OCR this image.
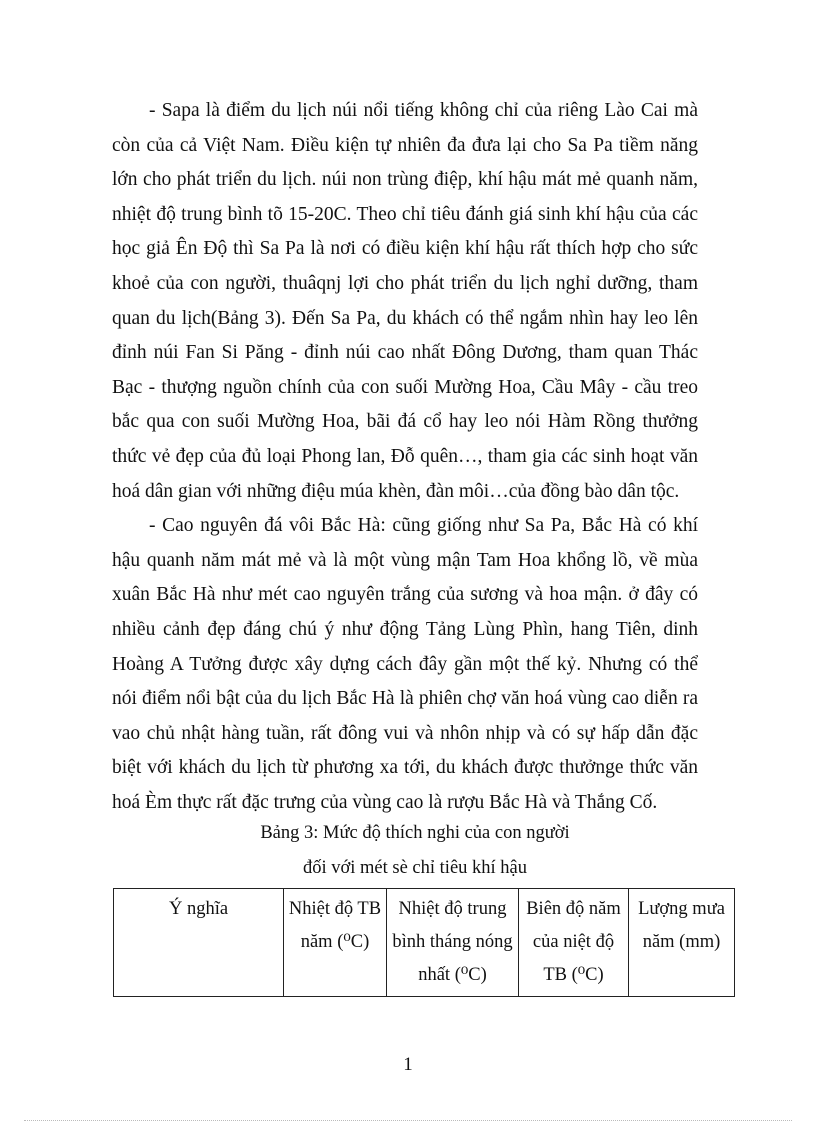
- Sapa là điểm du lịch núi nổi tiếng không chỉ của riêng Lào Cai mà còn của cả Việt Nam. Điều kiện tự nhiên đa đưa lại cho Sa Pa tiềm năng lớn cho phát triển du lịch. núi non trùng điệp, khí hậu mát mẻ quanh năm, nhiệt độ trung bình tõ 15-20C. Theo chỉ tiêu đánh giá sinh khí hậu của các học giả Ên Độ thì Sa Pa là nơi có điều kiện khí hậu rất thích hợp cho sức khoẻ của con người, thuâqnj lợi cho phát triển du lịch nghỉ dưỡng, tham quan du lịch(Bảng 3). Đến Sa Pa, du khách có thể ngắm nhìn hay leo lên đỉnh núi Fan Si Păng - đỉnh núi cao nhất Đông Dương, tham quan Thác Bạc - thượng nguồn chính của con suối Mường Hoa, Cầu Mây - cầu treo bắc qua con suối Mường Hoa, bãi đá cổ hay leo nói Hàm Rồng thưởng thức vẻ đẹp của đủ loại Phong lan, Đỗ quên…, tham gia các sinh hoạt văn hoá dân gian với những điệu múa khèn, đàn môi…của đồng bào dân tộc.

- Cao nguyên đá vôi Bắc Hà: cũng giống như Sa Pa, Bắc Hà có khí hậu quanh năm mát mẻ và là một vùng mận Tam Hoa khổng lồ, về mùa xuân Bắc Hà như mét cao nguyên trắng của sương và hoa mận. ở đây có nhiều cảnh đẹp đáng chú ý như động Tảng Lùng Phìn, hang Tiên, dinh Hoàng A Tưởng được xây dựng cách đây gần một thế kỷ. Nhưng có thể nói điểm nổi bật của du lịch Bắc Hà là phiên chợ văn hoá vùng cao diễn ra vao chủ nhật hàng tuần, rất đông vui và nhôn nhịp và có sự hấp dẫn đặc biệt với khách du lịch từ phương xa tới, du khách được thưởnge thức văn hoá Èm thực rất đặc trưng của vùng cao là rượu Bắc Hà và Thắng Cố.

Bảng 3: Mức độ thích nghi của con người
đối với mét sè chỉ tiêu khí hậu
Ý nghĩa	Nhiệt độ TB năm (⁰C)	Nhiệt độ trung bình tháng nóng nhất (⁰C)	Biên độ năm của niệt độ TB (⁰C)	Lượng mưa năm (mm)
1
